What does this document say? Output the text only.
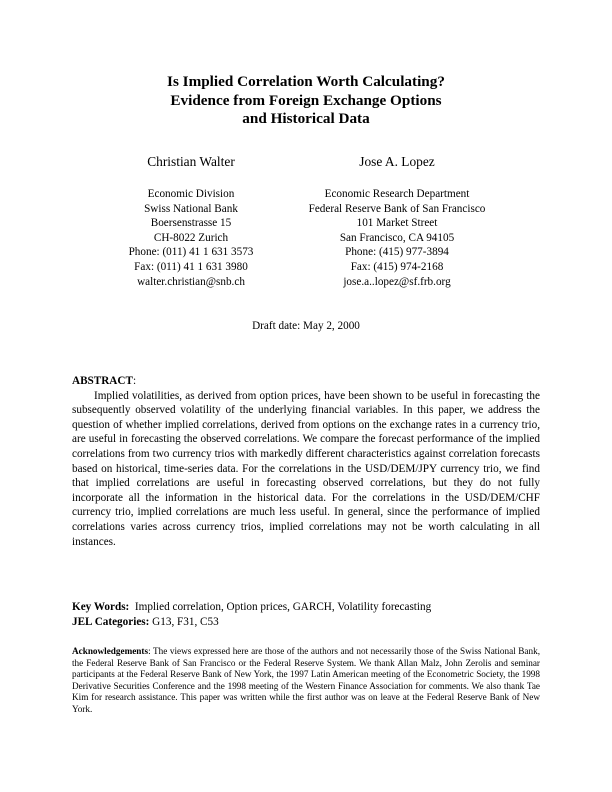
Is Implied Correlation Worth Calculating?
Evidence from Foreign Exchange Options
and Historical Data
Christian Walter
Economic Division
Swiss National Bank
Boersenstrasse 15
CH-8022 Zurich
Phone: (011) 41 1 631 3573
Fax: (011) 41 1 631 3980
walter.christian@snb.ch
Jose A. Lopez
Economic Research Department
Federal Reserve Bank of San Francisco
101 Market Street
San Francisco, CA 94105
Phone: (415) 977-3894
Fax: (415) 974-2168
jose.a..lopez@sf.frb.org
Draft date: May 2, 2000
ABSTRACT:

Implied volatilities, as derived from option prices, have been shown to be useful in forecasting the subsequently observed volatility of the underlying financial variables. In this paper, we address the question of whether implied correlations, derived from options on the exchange rates in a currency trio, are useful in forecasting the observed correlations. We compare the forecast performance of the implied correlations from two currency trios with markedly different characteristics against correlation forecasts based on historical, time-series data. For the correlations in the USD/DEM/JPY currency trio, we find that implied correlations are useful in forecasting observed correlations, but they do not fully incorporate all the information in the historical data. For the correlations in the USD/DEM/CHF currency trio, implied correlations are much less useful. In general, since the performance of implied correlations varies across currency trios, implied correlations may not be worth calculating in all instances.

Key Words: Implied correlation, Option prices, GARCH, Volatility forecasting
JEL Categories: G13, F31, C53
Acknowledgements: The views expressed here are those of the authors and not necessarily those of the Swiss National Bank, the Federal Reserve Bank of San Francisco or the Federal Reserve System. We thank Allan Malz, John Zerolis and seminar participants at the Federal Reserve Bank of New York, the 1997 Latin American meeting of the Econometric Society, the 1998 Derivative Securities Conference and the 1998 meeting of the Western Finance Association for comments. We also thank Tae Kim for research assistance. This paper was written while the first author was on leave at the Federal Reserve Bank of New York.
